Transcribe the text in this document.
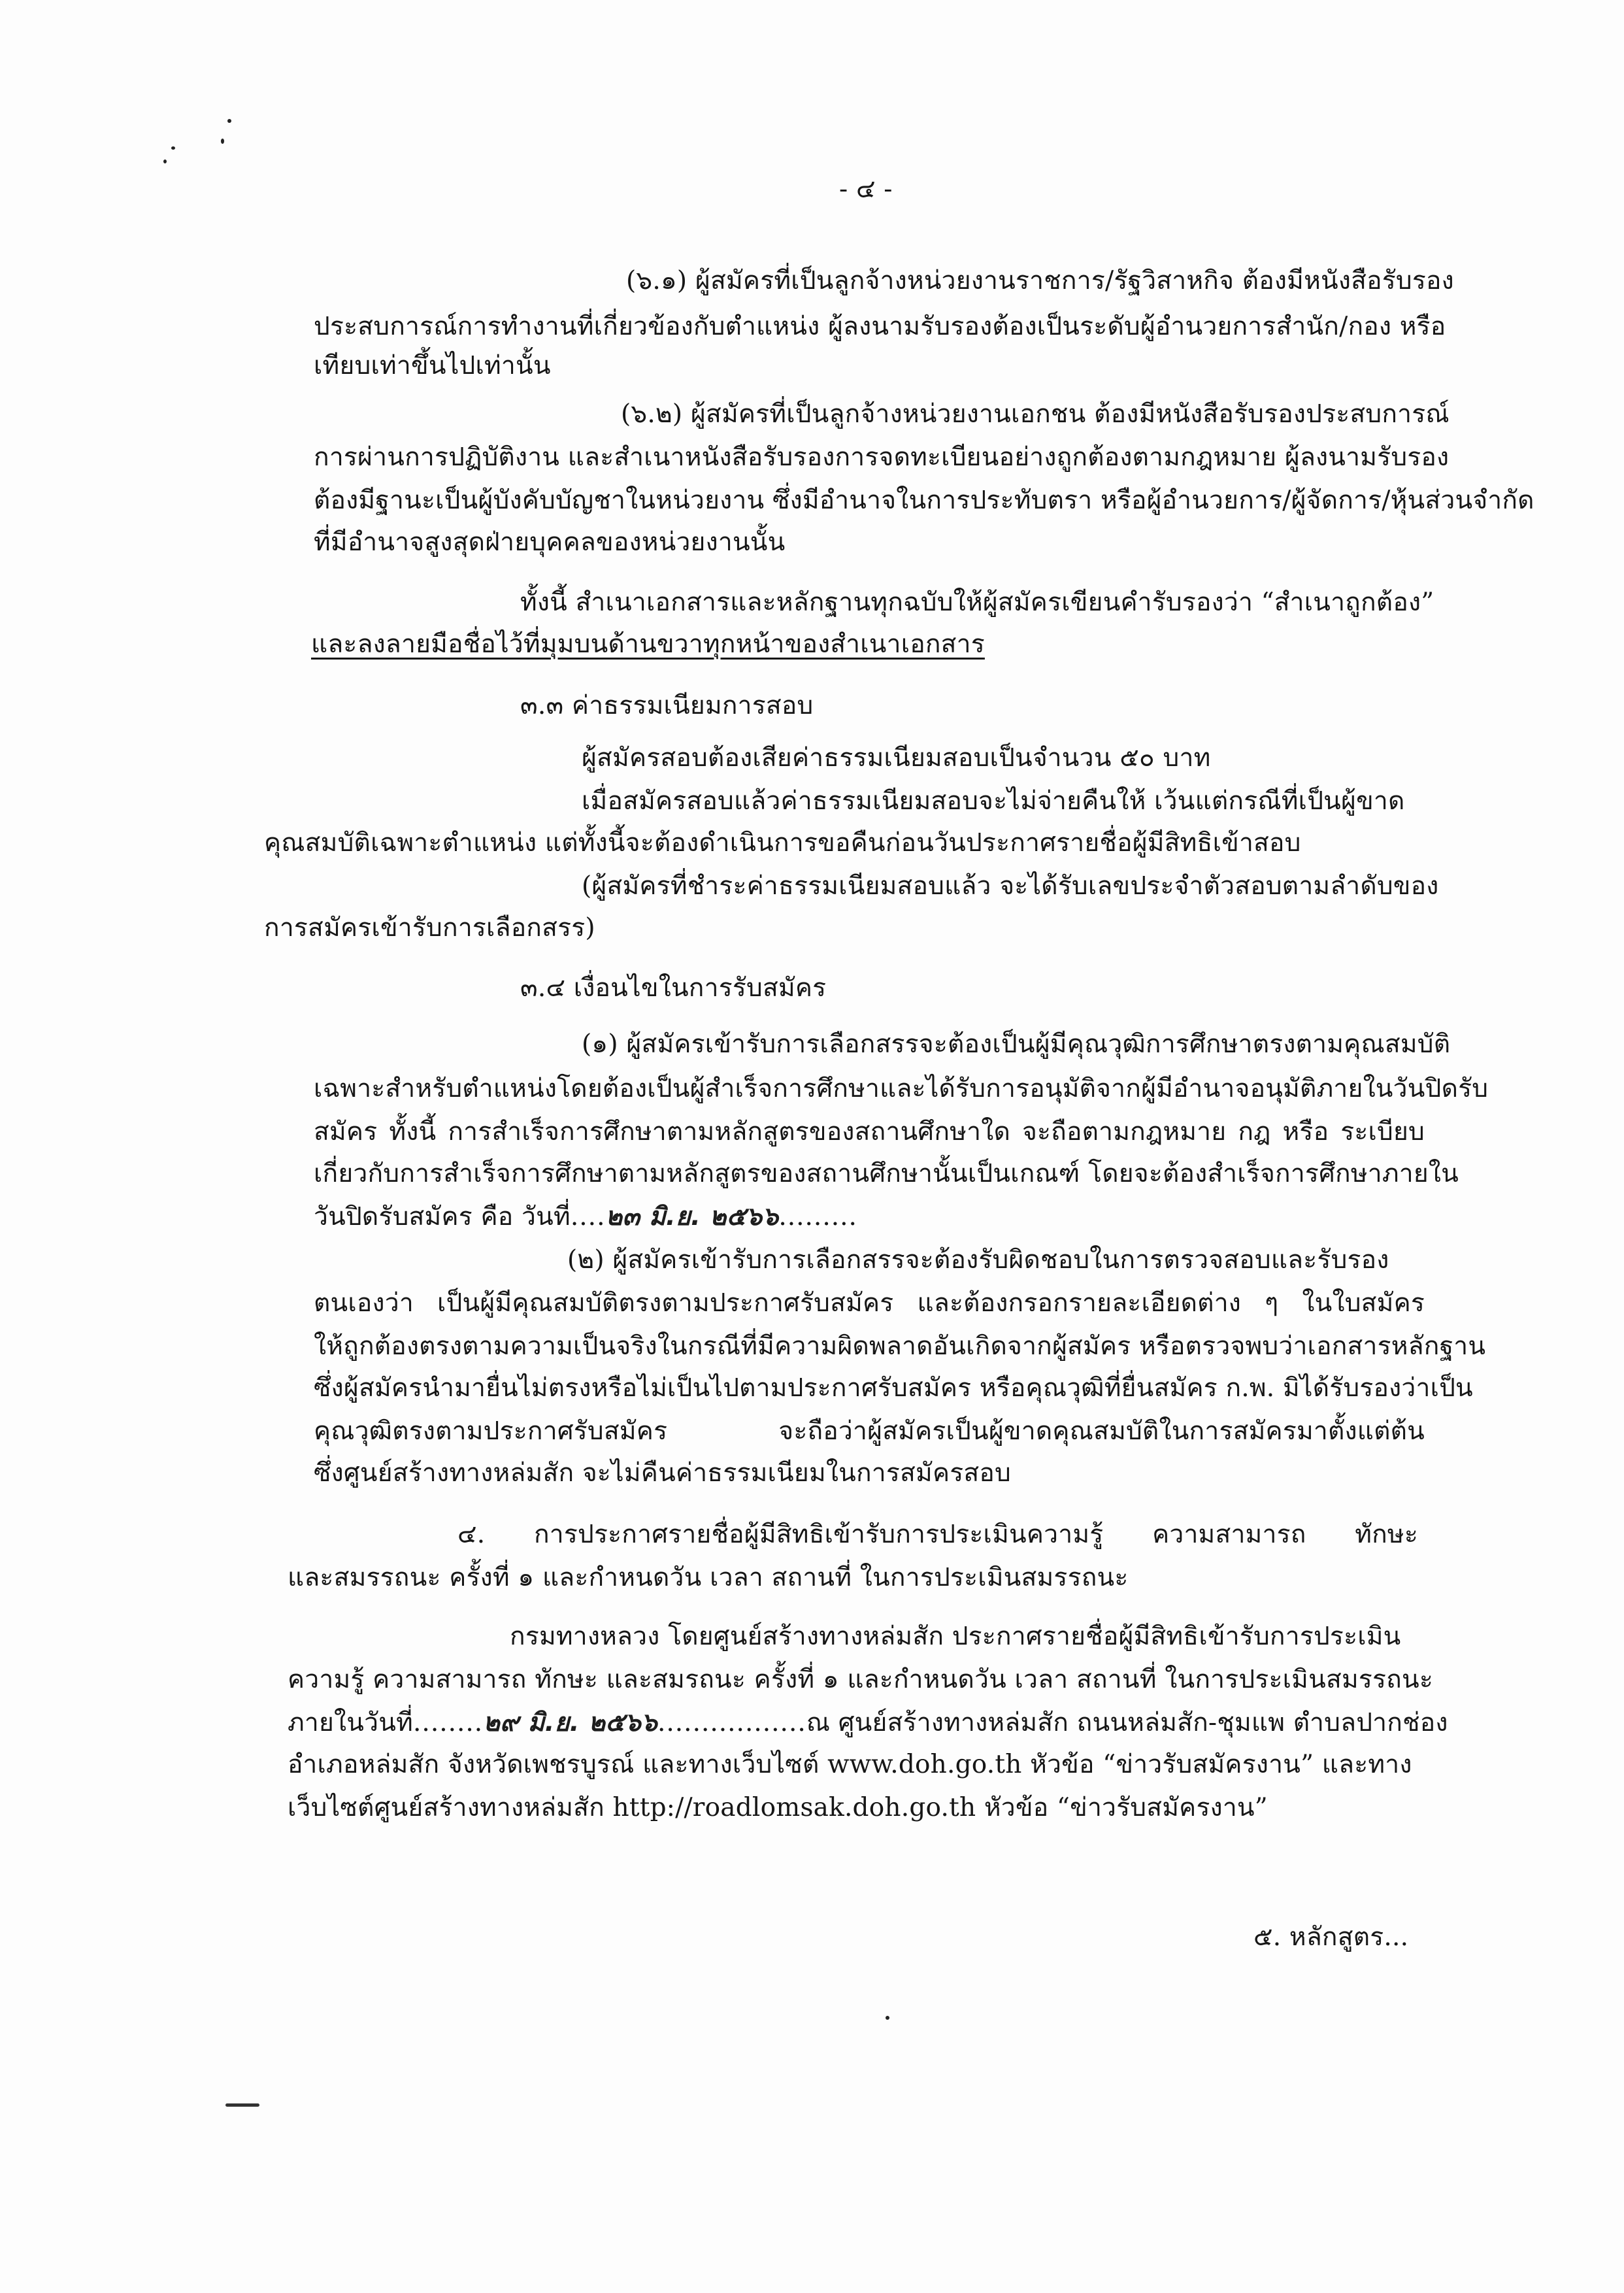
- ๔ -
(๖.๑) ผู้สมัครที่เป็นลูกจ้างหน่วยงานราชการ/รัฐวิสาหกิจ ต้องมีหนังสือรับรอง
ประสบการณ์การทำงานที่เกี่ยวข้องกับตำแหน่ง ผู้ลงนามรับรองต้องเป็นระดับผู้อำนวยการสำนัก/กอง หรือ
เทียบเท่าขึ้นไปเท่านั้น
(๖.๒) ผู้สมัครที่เป็นลูกจ้างหน่วยงานเอกชน ต้องมีหนังสือรับรองประสบการณ์
การผ่านการปฏิบัติงาน และสำเนาหนังสือรับรองการจดทะเบียนอย่างถูกต้องตามกฎหมาย ผู้ลงนามรับรอง
ต้องมีฐานะเป็นผู้บังคับบัญชาในหน่วยงาน ซึ่งมีอำนาจในการประทับตรา หรือผู้อำนวยการ/ผู้จัดการ/หุ้นส่วนจำกัด
ที่มีอำนาจสูงสุดฝ่ายบุคคลของหน่วยงานนั้น
ทั้งนี้ สำเนาเอกสารและหลักฐานทุกฉบับให้ผู้สมัครเขียนคำรับรองว่า “สำเนาถูกต้อง”
และลงลายมือชื่อไว้ที่มุมบนด้านขวาทุกหน้าของสำเนาเอกสาร
๓.๓ ค่าธรรมเนียมการสอบ
ผู้สมัครสอบต้องเสียค่าธรรมเนียมสอบเป็นจำนวน ๕๐ บาท
เมื่อสมัครสอบแล้วค่าธรรมเนียมสอบจะไม่จ่ายคืนให้ เว้นแต่กรณีที่เป็นผู้ขาด
คุณสมบัติเฉพาะตำแหน่ง แต่ทั้งนี้จะต้องดำเนินการขอคืนก่อนวันประกาศรายชื่อผู้มีสิทธิเข้าสอบ
(ผู้สมัครที่ชำระค่าธรรมเนียมสอบแล้ว จะได้รับเลขประจำตัวสอบตามลำดับของ
การสมัครเข้ารับการเลือกสรร)
๓.๔ เงื่อนไขในการรับสมัคร
(๑) ผู้สมัครเข้ารับการเลือกสรรจะต้องเป็นผู้มีคุณวุฒิการศึกษาตรงตามคุณสมบัติ
เฉพาะสำหรับตำแหน่งโดยต้องเป็นผู้สำเร็จการศึกษาและได้รับการอนุมัติจากผู้มีอำนาจอนุมัติภายในวันปิดรับ
สมัคร ทั้งนี้ การสำเร็จการศึกษาตามหลักสูตรของสถานศึกษาใด จะถือตามกฎหมาย กฎ หรือ ระเบียบ
เกี่ยวกับการสำเร็จการศึกษาตามหลักสูตรของสถานศึกษานั้นเป็นเกณฑ์ โดยจะต้องสำเร็จการศึกษาภายใน
วันปิดรับสมัคร คือ วันที่....๒๓ มิ.ย. ๒๕๖๖.........
(๒) ผู้สมัครเข้ารับการเลือกสรรจะต้องรับผิดชอบในการตรวจสอบและรับรอง
ตนเองว่า เป็นผู้มีคุณสมบัติตรงตามประกาศรับสมัคร และต้องกรอกรายละเอียดต่าง ๆ ในใบสมัคร
ให้ถูกต้องตรงตามความเป็นจริงในกรณีที่มีความผิดพลาดอันเกิดจากผู้สมัคร หรือตรวจพบว่าเอกสารหลักฐาน
ซึ่งผู้สมัครนำมายื่นไม่ตรงหรือไม่เป็นไปตามประกาศรับสมัคร หรือคุณวุฒิที่ยื่นสมัคร ก.พ. มิได้รับรองว่าเป็น
คุณวุฒิตรงตามประกาศรับสมัคร จะถือว่าผู้สมัครเป็นผู้ขาดคุณสมบัติในการสมัครมาตั้งแต่ต้น
ซึ่งศูนย์สร้างทางหล่มสัก จะไม่คืนค่าธรรมเนียมในการสมัครสอบ
๔. การประกาศรายชื่อผู้มีสิทธิเข้ารับการประเมินความรู้ ความสามารถ ทักษะ
และสมรรถนะ ครั้งที่ ๑ และกำหนดวัน เวลา สถานที่ ในการประเมินสมรรถนะ
กรมทางหลวง โดยศูนย์สร้างทางหล่มสัก ประกาศรายชื่อผู้มีสิทธิเข้ารับการประเมิน
ความรู้ ความสามารถ ทักษะ และสมรถนะ ครั้งที่ ๑ และกำหนดวัน เวลา สถานที่ ในการประเมินสมรรถนะ
ภายในวันที่........๒๙ มิ.ย. ๒๕๖๖.................ณ ศูนย์สร้างทางหล่มสัก ถนนหล่มสัก-ชุมแพ ตำบลปากช่อง
อำเภอหล่มสัก จังหวัดเพชรบูรณ์ และทางเว็บไซต์ www.doh.go.th หัวข้อ “ข่าวรับสมัครงาน” และทาง
เว็บไซต์ศูนย์สร้างทางหล่มสัก http://roadlomsak.doh.go.th หัวข้อ “ข่าวรับสมัครงาน”
๕. หลักสูตร...
